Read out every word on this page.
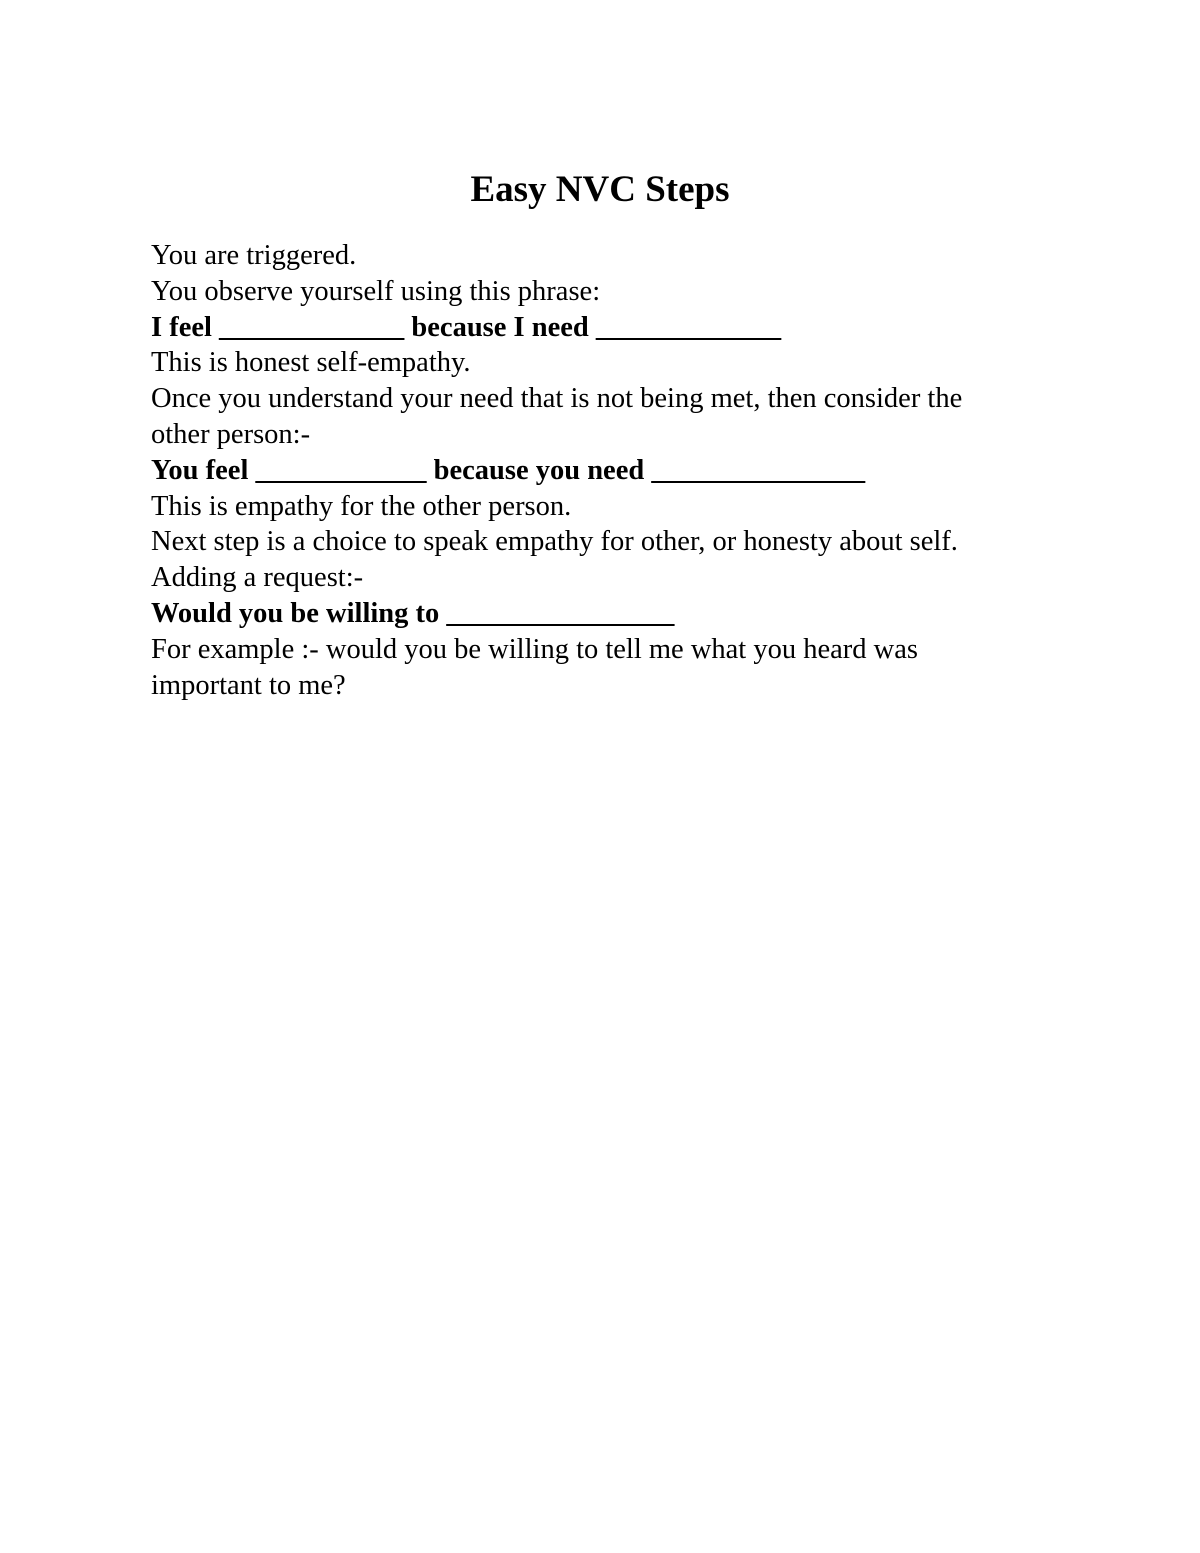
Easy NVC Steps

You are triggered.

You observe yourself using this phrase:

I feel _____________ because I need _____________

This is honest self-empathy.

Once you understand your need that is not being met, then consider the

other person:-

You feel ____________ because you need _______________

This is empathy for the other person.

Next step is a choice to speak empathy for other, or honesty about self.

Adding a request:-

Would you be willing to ________________

For example :- would you be willing to tell me what you heard was

important to me?
